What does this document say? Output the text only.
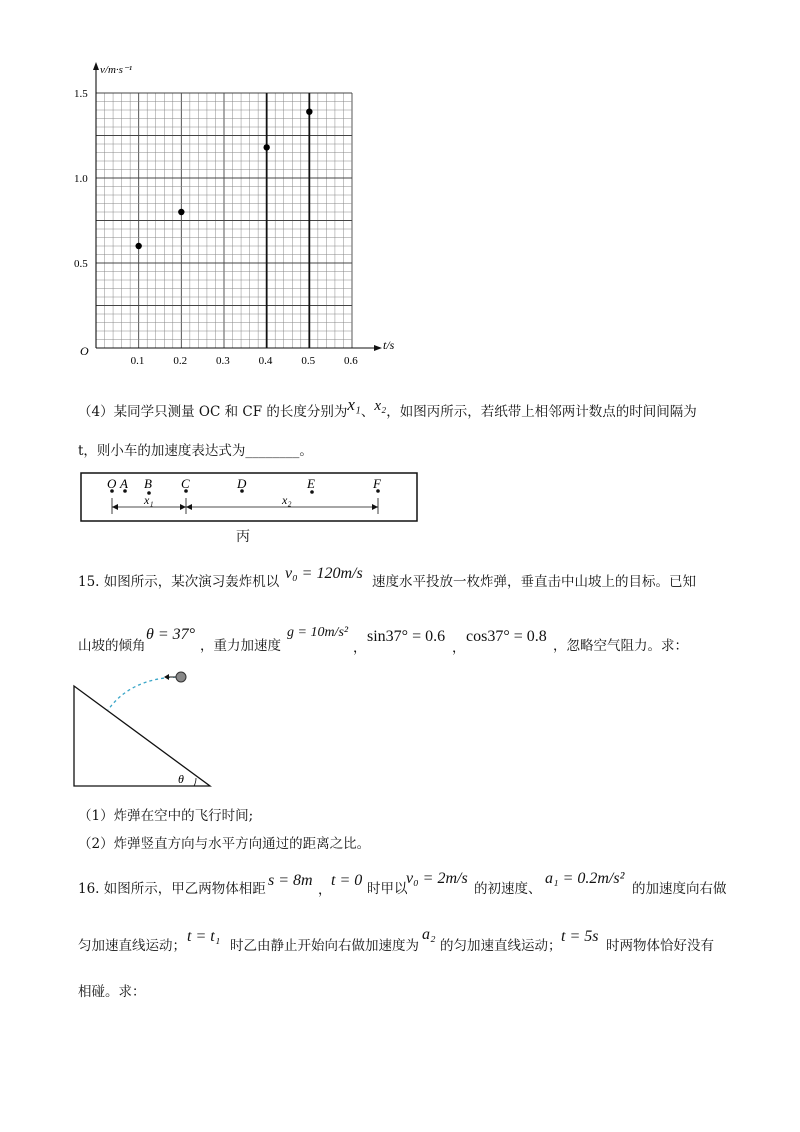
v/m·s⁻¹
t/s
O
0.1	0.2	0.3	0.4	0.5	0.6
0.5
1.0
1.5
（4）某同学只测量 OC 和 CF 的长度分别为x₁、x₂，如图丙所示，若纸带上相邻两计数点的时间间隔为
t，则小车的加速度表达式为________。
O A B C	D	E	F
x₁	x₂
丙
15. 如图所示，某次演习轰炸机以 v₀ = 120m/s 速度水平投放一枚炸弹，垂直击中山坡上的目标。已知
山坡的倾角
θ = 37°
，重力加速度
g = 10m/s²
，
sin37° = 0.6
，
cos37° = 0.8
，忽略空气阻力。求：
θ
（1）炸弹在空中的飞行时间;
（2）炸弹竖直方向与水平方向通过的距离之比。
16. 如图所示，甲乙两物体相距 s = 8m
，
t = 0 时甲以
v₀ = 2m/s
的初速度、
a₁ = 0.2m/s²
的加速度向右做
匀加速直线运动；
t = t₁
时乙由静止开始向右做加速度为
a₂
的匀加速直线运动；
t = 5s
时两物体恰好没有
相碰。求：
